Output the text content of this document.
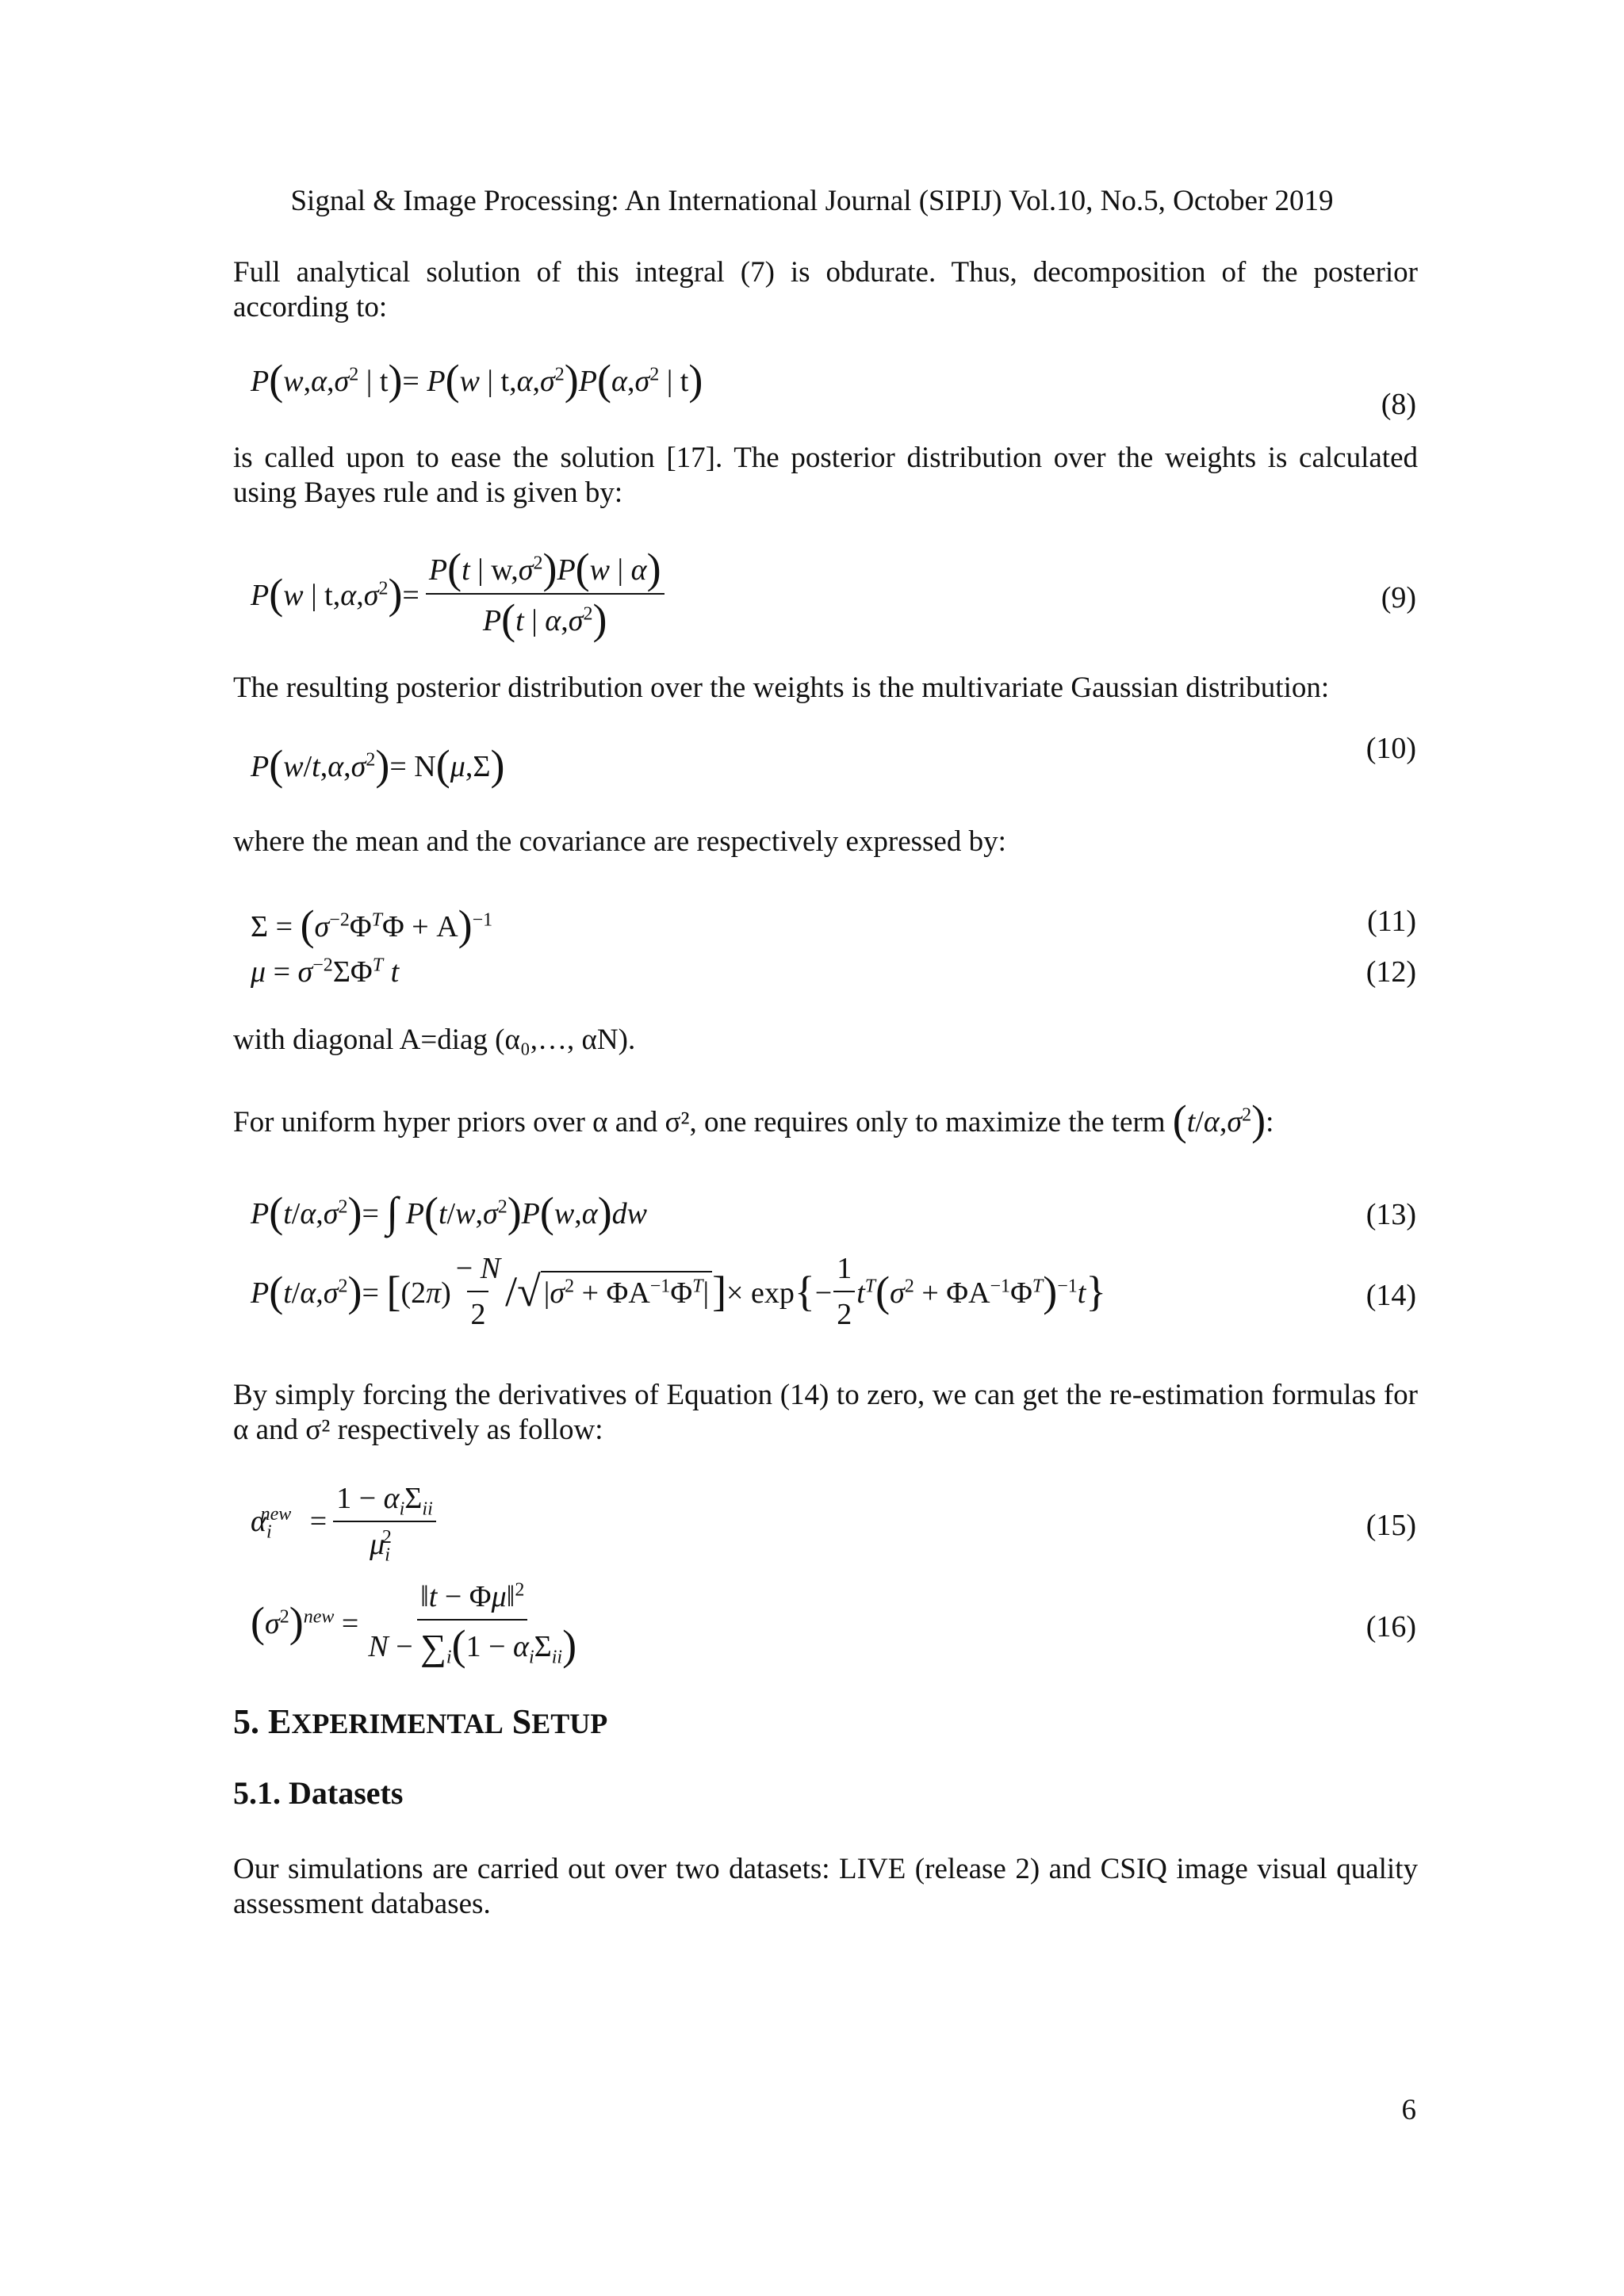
Signal & Image Processing: An International Journal (SIPIJ) Vol.10, No.5, October 2019
Full analytical solution of this integral (7) is obdurate. Thus, decomposition of the posterior according to:
$P(w,\alpha,\sigma^2$ | t)= P(w | $t,\alpha,\sigma^2)P(\alpha,\sigma^2$ | t)
(8)
is called upon to ease the solution [17]. The posterior distribution over the weights is calculated using Bayes rule and is given by:
P(w | $t,\alpha,\sigma^2)= \frac{P(t | w,\sigma^2)P(w | \alpha)}{P(t | \alpha,\sigma^2)}$	(9)
The resulting posterior distribution over the weights is the multivariate Gaussian distribution:
$P(w/t,\alpha,\sigma^2)= N(\mu,\Sigma)$	(10)
where the mean and the covariance are respectively expressed by:
$\Sigma = (\sigma^{-2}\Phi^T\Phi + A)^{-1}$	(11)
$\mu = \sigma^{-2}\Sigma\Phi^T$ t	(12)
with diagonal A=diag (α₀,…, αN).
For uniform hyper priors over α and σ², one requires only to maximize the term $(t/\alpha,\sigma^2)$:
$P(t/\alpha,\sigma^2)=$ ∫ $P(t/w,\sigma^2)P(w,\alpha)dw$	(13)
$P(t/\alpha,\sigma^2)= [(2\pi) \frac{- N}{2}$ / √ $|\sigma^2 + \Phi A^{-1}\Phi^T|$ ] × $\exp\{- \frac{1}{2} t^T(\sigma^2 + \Phi A^{-1}\Phi^T)^{-1}t\}$	(14)
By simply forcing the derivatives of Equation (14) to zero, we can get the re-estimation formulas for α and σ² respectively as follow:
$\alpha_i^{new} = \frac{1 - \alpha_i\Sigma_{ii}}{\mu_i^2}$	(15)
$(\sigma^2)^{new} = \frac{‖t - \Phi\mu‖^2}{N - \sum_i(1 - \alpha_i\Sigma_{ii})}$	(16)
5. EXPERIMENTAL SETUP
5.1. Datasets
Our simulations are carried out over two datasets: LIVE (release 2) and CSIQ image visual quality assessment databases.
6
